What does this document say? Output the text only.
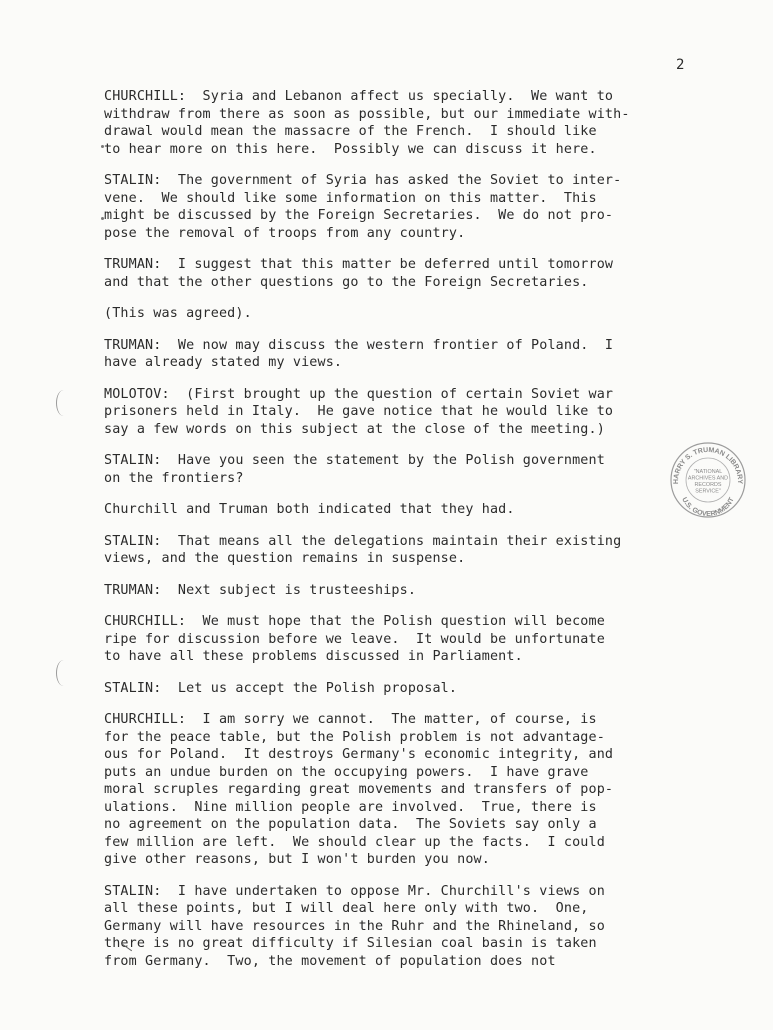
2
CHURCHILL:  Syria and Lebanon affect us specially.  We want to
withdraw from there as soon as possible, but our immediate with-
drawal would mean the massacre of the French.  I should like
to hear more on this here.  Possibly we can discuss it here.
STALIN:  The government of Syria has asked the Soviet to inter-
vene.  We should like some information on this matter.  This
might be discussed by the Foreign Secretaries.  We do not pro-
pose the removal of troops from any country.
TRUMAN:  I suggest that this matter be deferred until tomorrow
and that the other questions go to the Foreign Secretaries.
(This was agreed).
TRUMAN:  We now may discuss the western frontier of Poland.  I
have already stated my views.
MOLOTOV:  (First brought up the question of certain Soviet war
prisoners held in Italy.  He gave notice that he would like to
say a few words on this subject at the close of the meeting.)
STALIN:  Have you seen the statement by the Polish government
on the frontiers?
Churchill and Truman both indicated that they had.
STALIN:  That means all the delegations maintain their existing
views, and the question remains in suspense.
TRUMAN:  Next subject is trusteeships.
CHURCHILL:  We must hope that the Polish question will become
ripe for discussion before we leave.  It would be unfortunate
to have all these problems discussed in Parliament.
STALIN:  Let us accept the Polish proposal.
CHURCHILL:  I am sorry we cannot.  The matter, of course, is
for the peace table, but the Polish problem is not advantage-
ous for Poland.  It destroys Germany's economic integrity, and
puts an undue burden on the occupying powers.  I have grave
moral scruples regarding great movements and transfers of pop-
ulations.  Nine million people are involved.  True, there is
no agreement on the population data.  The Soviets say only a
few million are left.  We should clear up the facts.  I could
give other reasons, but I won't burden you now.
STALIN:  I have undertaken to oppose Mr. Churchill's views on
all these points, but I will deal here only with two.  One,
Germany will have resources in the Ruhr and the Rhineland, so
there is no great difficulty if Silesian coal basin is taken
from Germany.  Two, the movement of population does not
HARRY S. TRUMAN LIBRARY
U.S. GOVERNMENT
"NATIONAL
ARCHIVES AND
RECORDS
SERVICE"
